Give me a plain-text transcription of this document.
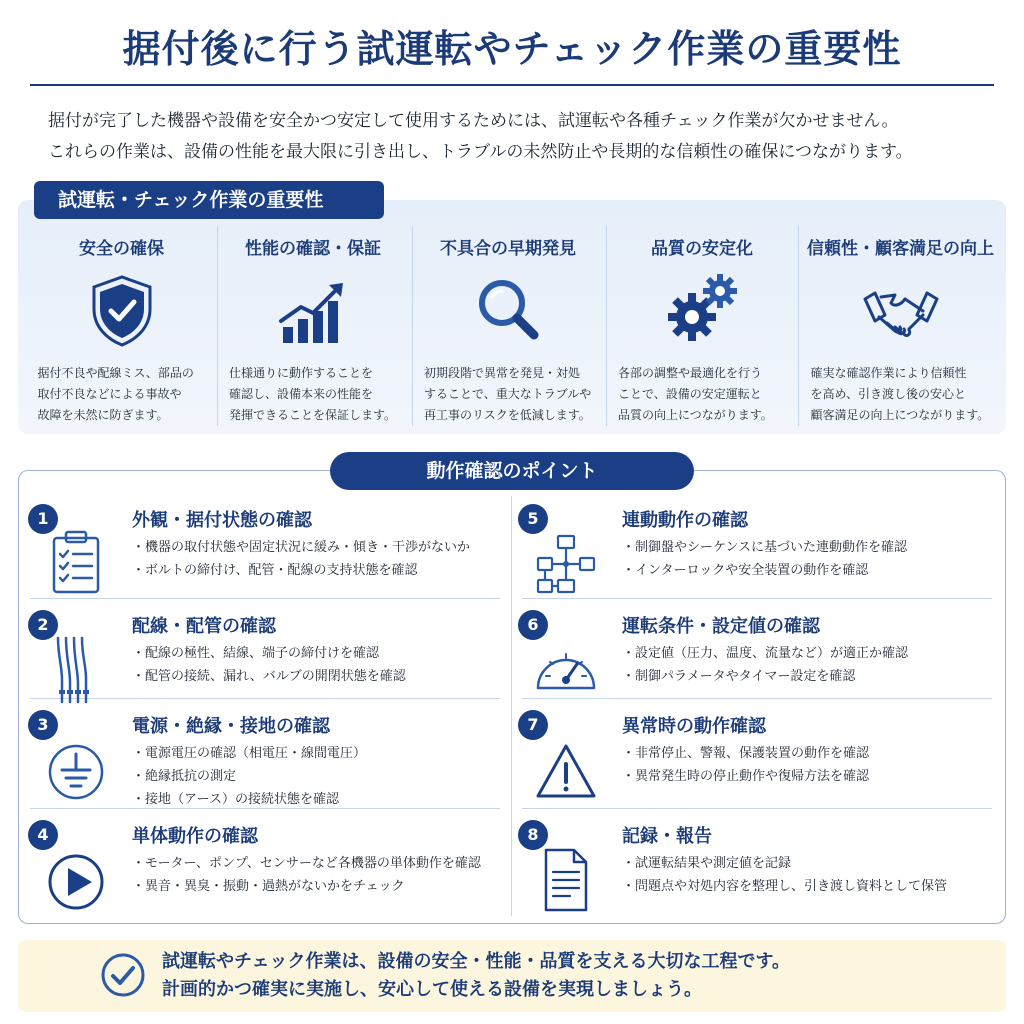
据付後に行う試運転やチェック作業の重要性
据付が完了した機器や設備を安全かつ安定して使用するためには、試運転や各種チェック作業が欠かせません。
これらの作業は、設備の性能を最大限に引き出し、トラブルの未然防止や長期的な信頼性の確保につながります。
試運転・チェック作業の重要性
安全の確保
据付不良や配線ミス、部品の
取付不良などによる事故や
故障を未然に防ぎます。
性能の確認・保証
仕様通りに動作することを
確認し、設備本来の性能を
発揮できることを保証します。
不具合の早期発見
初期段階で異常を発見・対処
することで、重大なトラブルや
再工事のリスクを低減します。
品質の安定化
各部の調整や最適化を行う
ことで、設備の安定運転と
品質の向上につながります。
信頼性・顧客満足の向上
確実な確認作業により信頼性
を高め、引き渡し後の安心と
顧客満足の向上につながります。
動作確認のポイント
1	外観・据付状態の確認
・ 機器の取付状態や固定状況に緩み・傾き・干渉がないか
・ ボルトの締付け、配管・配線の支持状態を確認
2	配線・配管の確認
・ 配線の極性、結線、端子の締付けを確認
・ 配管の接続、漏れ、バルブの開閉状態を確認
3	電源・絶縁・接地の確認
・ 電源電圧の確認（相電圧・線間電圧）
・ 絶縁抵抗の測定
・ 接地（アース）の接続状態を確認
4	単体動作の確認
・ モーター、ポンプ、センサーなど各機器の単体動作を確認
・ 異音・異臭・振動・過熱がないかをチェック
5	連動動作の確認
・ 制御盤やシーケンスに基づいた連動動作を確認
・ インターロックや安全装置の動作を確認
6	運転条件・設定値の確認
・ 設定値（圧力、温度、流量など）が適正か確認
・ 制御パラメータやタイマー設定を確認
7	異常時の動作確認
・ 非常停止、警報、保護装置の動作を確認
・ 異常発生時の停止動作や復帰方法を確認
8	記録・報告
・ 試運転結果や測定値を記録
・ 問題点や対処内容を整理し、引き渡し資料として保管
試運転やチェック作業は、設備の安全・性能・品質を支える大切な工程です。
計画的かつ確実に実施し、安心して使える設備を実現しましょう。
